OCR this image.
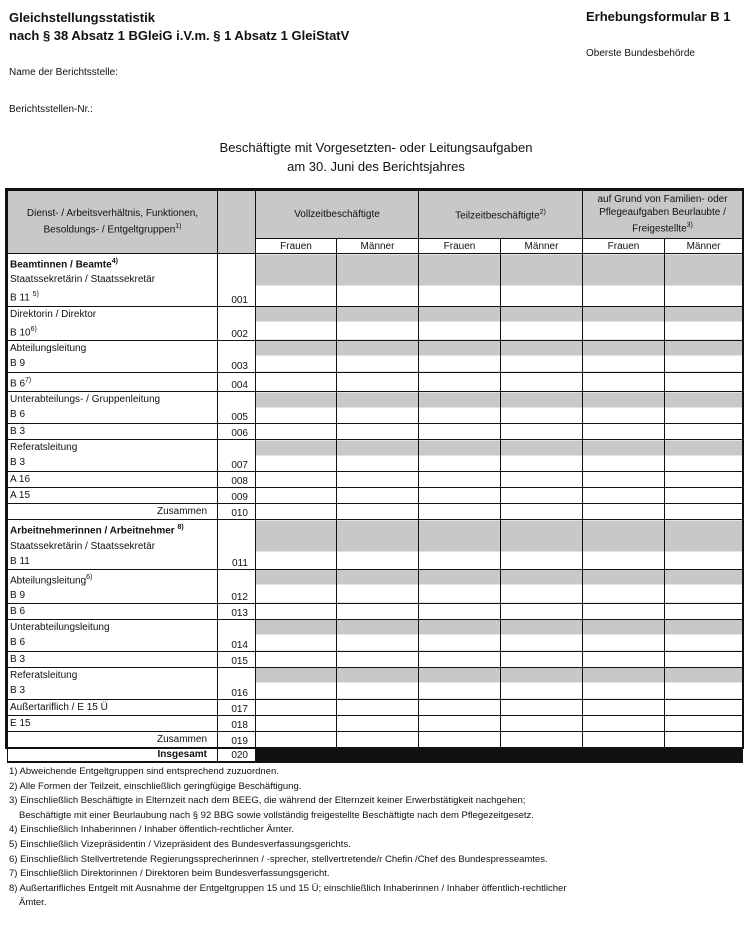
Gleichstellungsstatistik
nach § 38 Absatz 1 BGleiG i.V.m. § 1 Absatz 1 GleiStatV
Erhebungsformular B 1
Oberste Bundesbehörde
Name der Berichtsstelle:
Berichtsstellen-Nr.:
Beschäftigte mit Vorgesetzten- oder Leitungsaufgaben
am 30. Juni des Berichtsjahres
Dienst- / Arbeitsverhältnis, Funktionen, Besoldungs- / Entgeltgruppen$^{1)}$		Vollzeitbeschäftigte		Teilzeitbeschäftigte$^{2)}$		auf Grund von Familien- oder Pflegeaufgaben Beurlaubte / Freigestellte$^{3)}$
		Frauen	Männer	Frauen	Männer	Frauen	Männer

Beamtinnen / Beamte$^{4)}$
Staatssekretärin / Staatssekretär
B 11 $^{5)}$	001						

Direktorin / Direktor
B 10$^{6)}$	002						

Abteilungsleitung
B 9	003						
B 6$^{7)}$	004						

Unterabteilungs- / Gruppenleitung
B 6	005						
B 3	006						

Referatsleitung
B 3	007						
A 16	008						
A 15	009						
Zusammen	010						

Arbeitnehmerinnen / Arbeitnehmer $^{8)}$
Staatssekretärin / Staatssekretär
B 11	011						

Abteilungsleitung$^{6)}$
B 9	012						
B 6	013						

Unterabteilungsleitung
B 6	014						
B 3	015						

Referatsleitung
B 3	016						
Außertariflich / E 15 Ü	017						
E 15	018						
Zusammen	019						
Insgesamt	020						
1) Abweichende Entgeltgruppen sind entsprechend zuzuordnen.
2) Alle Formen der Teilzeit, einschließlich geringfügige Beschäftigung.
3) Einschließlich Beschäftigte in Elternzeit nach dem BEEG, die während der Elternzeit keiner Erwerbstätigkeit nachgehen;
Beschäftigte mit einer Beurlaubung nach § 92 BBG sowie vollständig freigestellte Beschäftigte nach dem Pflegezeitgesetz.
4) Einschließlich Inhaberinnen / Inhaber öffentlich-rechtlicher Ämter.
5) Einschließlich Vizepräsidentin / Vizepräsident des Bundesverfassungsgerichts.
6) Einschließlich Stellvertretende Regierungssprecherinnen / -sprecher, stellvertretende/r Chefin /Chef des Bundespresseamtes.
7) Einschließlich Direktorinnen / Direktoren beim Bundesverfassungsgericht.
8) Außertarifliches Entgelt mit Ausnahme der Entgeltgruppen 15 und 15 Ü; einschließlich Inhaberinnen / Inhaber öffentlich-rechtlicher
Ämter.
